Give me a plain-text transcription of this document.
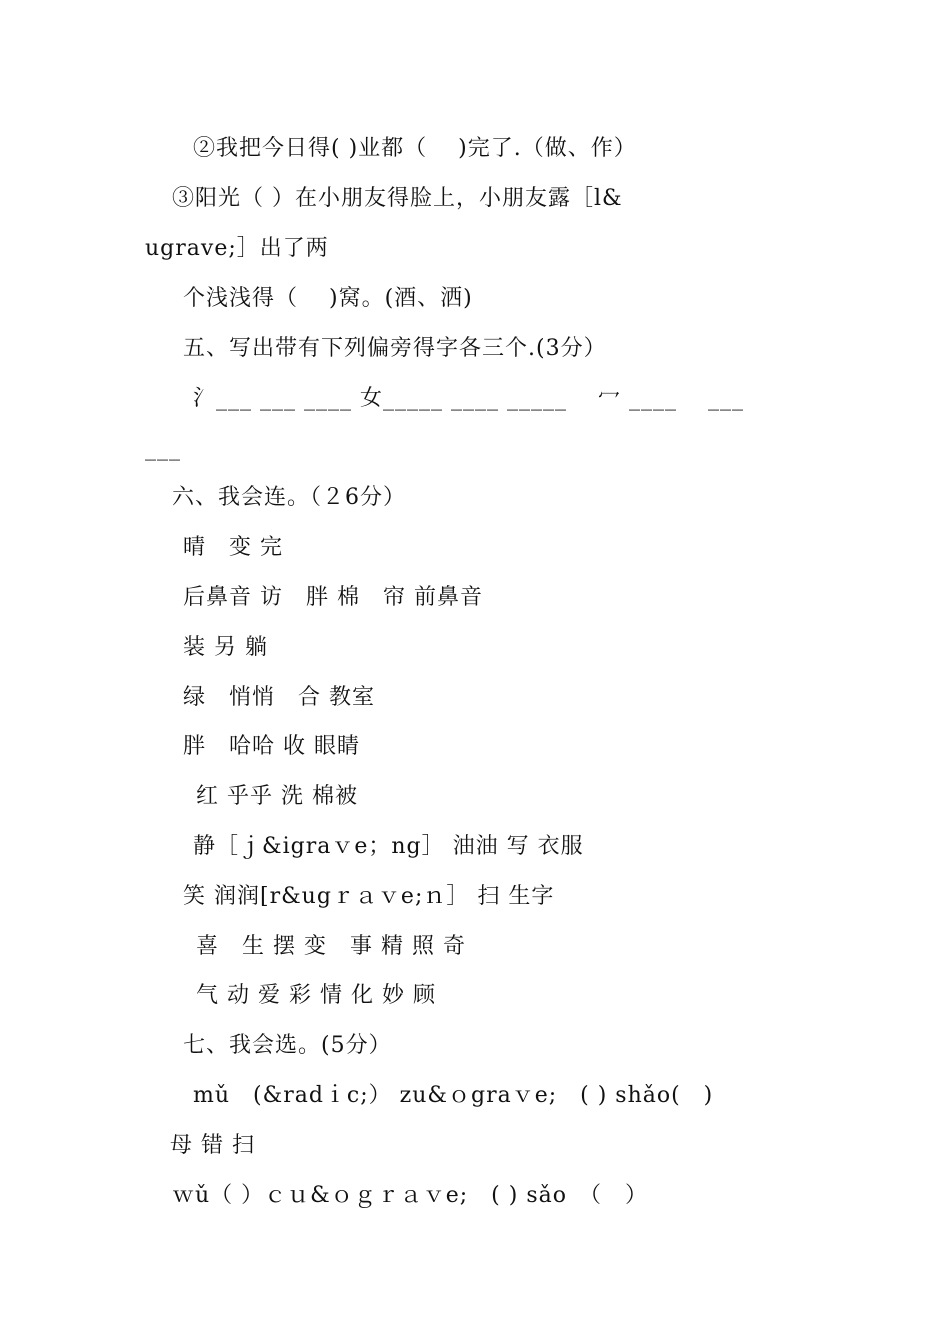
②我把今日得( )业都（　 )完了.（做、作）
③阳光（ ）在小朋友得脸上，小朋友露［l&
ugrave;］出了两
个浅浅得（　 )窝。(酒、洒)
五、写出带有下列偏旁得字各三个.(3分）
氵___ ___ ____ 女_____ ____ _____　 冖 ____　 ___
___
六、我会连。（２6分）
晴　变 完
后鼻音 访　胖 棉　帘 前鼻音
装 另 躺
绿　悄悄　合 教室
胖　哈哈 收 眼睛
红 乎乎 洗 棉被
静［ｊ&igraｖe；ng］ 油油 写 衣服
笑 润润[r&ugｒａｖe;ｎ］ 扫 生字
喜　生 摆 变　事 精 照 奇
气 动 爱 彩 情 化 妙 顾
七、我会选。(5分）
mǔ　(&radｉc;） zu&ｏgraｖe;　( ) shǎo(　)
母 错 扫
ｗǔ（ ）ｃｕ&ｏｇｒａｖe;　( ) sǎo　（　）
